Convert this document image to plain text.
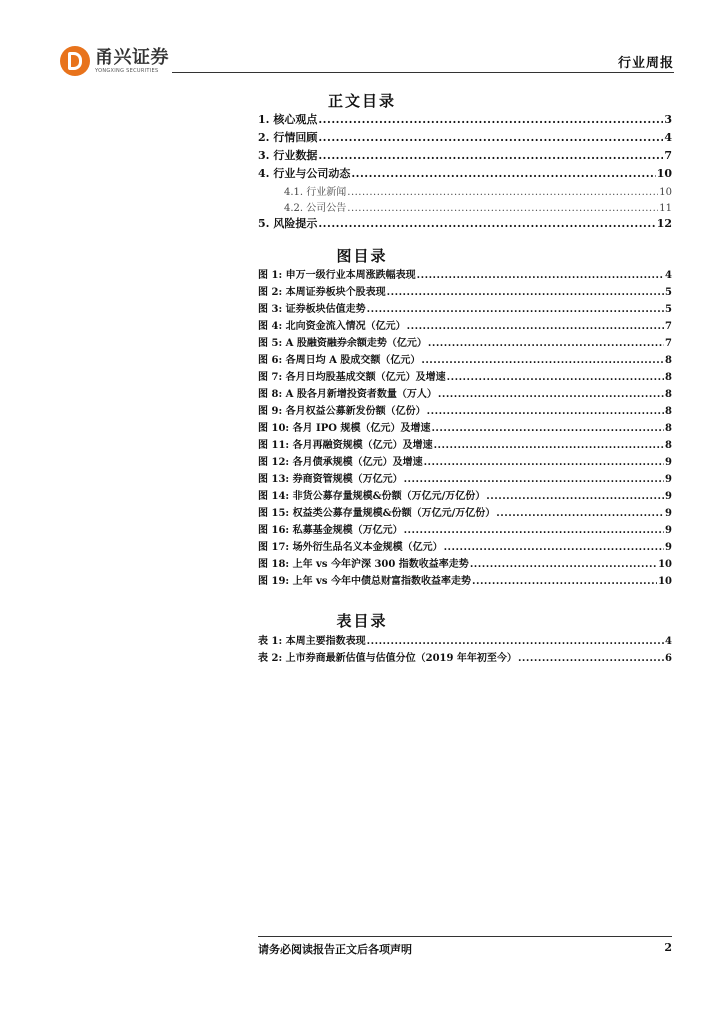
甬兴证券
YONGXING SECURITIES	行业周报
正文目录
1. 核心观点 .....	3
2. 行情回顾 .....	4
3. 行业数据 .....	7
4. 行业与公司动态 .....	10
4.1. 行业新闻 .....	10
4.2. 公司公告 .....	11
5. 风险提示 .....	12
图目录
图 1: 申万一级行业本周涨跌幅表现 .....	4
图 2: 本周证券板块个股表现 .....	5
图 3: 证券板块估值走势 .....	5
图 4: 北向资金流入情况（亿元） .....	7
图 5: A 股融资融券余额走势（亿元） .....	7
图 6: 各周日均 A 股成交额（亿元） .....	8
图 7: 各月日均股基成交额（亿元）及增速 .....	8
图 8: A 股各月新增投资者数量（万人） .....	8
图 9: 各月权益公募新发份额（亿份） .....	8
图 10: 各月 IPO 规模（亿元）及增速 .....	8
图 11: 各月再融资规模（亿元）及增速 .....	8
图 12: 各月债承规模（亿元）及增速 .....	9
图 13: 券商资管规模（万亿元） .....	9
图 14: 非货公募存量规模&份额（万亿元/万亿份） .....	9
图 15: 权益类公募存量规模&份额（万亿元/万亿份） .....	9
图 16: 私募基金规模（万亿元） .....	9
图 17: 场外衍生品名义本金规模（亿元） .....	9
图 18: 上年 vs 今年沪深 300 指数收益率走势 .....	10
图 19: 上年 vs 今年中债总财富指数收益率走势 .....	10
表目录
表 1: 本周主要指数表现 .....	4
表 2: 上市券商最新估值与估值分位（2019 年年初至今） .....	6
请务必阅读报告正文后各项声明	2
